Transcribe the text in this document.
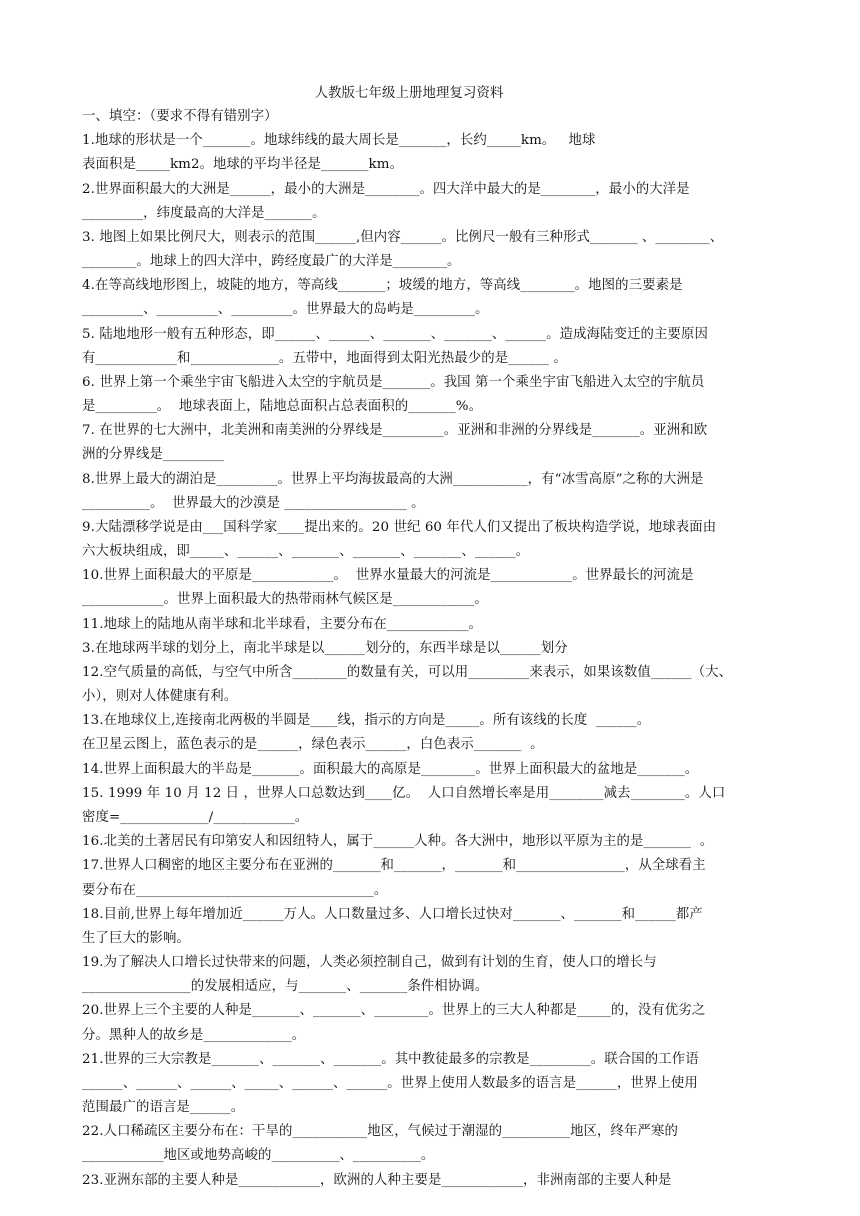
人教版七年级上册地理复习资料
一、填空：（要求不得有错别字）
1.地球的形状是一个_______。地球纬线的最大周长是_______，长约_____km。   地球
表面积是_____km2。地球的平均半径是_______km。
2.世界面积最大的大洲是______，最小的大洲是________。四大洋中最大的是________，最小的大洋是
_________，纬度最高的大洋是_______。
3. 地图上如果比例尺大，则表示的范围______,但内容______。比例尺一般有三种形式_______ 、________、
________。地球上的四大洋中，跨经度最广的大洋是________。
4.在等高线地形图上，坡陡的地方，等高线_______；坡缓的地方，等高线________。地图的三要素是
_________、_________、_________。世界最大的岛屿是_________。
5. 陆地地形一般有五种形态，即______、______、_______、_______、______。造成海陆变迁的主要原因
有____________和_____________。五带中，地面得到太阳光热最少的是______ 。
6. 世界上第一个乘坐宇宙飞船进入太空的宇航员是_______。我国 第一个乘坐宇宙飞船进入太空的宇航员
是_________。  地球表面上，陆地总面积占总表面积的_______%。
7. 在世界的七大洲中，北美洲和南美洲的分界线是_________。亚洲和非洲的分界线是_______。亚洲和欧
洲的分界线是_________
8.世界上最大的湖泊是_________。世界上平均海拔最高的大洲___________，有“冰雪高原”之称的大洲是
__________。  世界最大的沙漠是 __________________ 。
9.大陆漂移学说是由___国科学家____提出来的。20 世纪 60 年代人们又提出了板块构造学说，地球表面由
六大板块组成，即_____、______、_______、_______、_______、______。
10.世界上面积最大的平原是____________。  世界水量最大的河流是____________。世界最长的河流是
____________。世界上面积最大的热带雨林气候区是____________。
11.地球上的陆地从南半球和北半球看，主要分布在____________。
3.在地球两半球的划分上，南北半球是以______划分的，东西半球是以______划分
12.空气质量的高低，与空气中所含________的数量有关，可以用_________来表示，如果该数值______（大、
小），则对人体健康有利。
13.在地球仪上,连接南北两极的半圆是____线，指示的方向是_____。所有该线的长度  ______。
在卫星云图上，蓝色表示的是______，绿色表示______，白色表示_______  。
14.世界上面积最大的半岛是_______。面积最大的高原是________。世界上面积最大的盆地是_______。
15. 1999 年 10 月 12 日 ，世界人口总数达到____亿。  人口自然增长率是用________减去________。人口
密度=_____________/____________。
16.北美的土著居民有印第安人和因纽特人，属于______人种。各大洲中，地形以平原为主的是_______  。
17.世界人口稠密的地区主要分布在亚洲的_______和_______，_______和________________，从全球看主
要分布在___________________________________。
18.目前,世界上每年增加近______万人。人口数量过多、人口增长过快对_______、_______和______都产
生了巨大的影响。
19.为了解决人口增长过快带来的问题，人类必须控制自己，做到有计划的生育，使人口的增长与
________________的发展相适应，与_______、_______条件相协调。
20.世界上三个主要的人种是_______、_______、________。世界上的三大人种都是_____的，没有优劣之
分。黑种人的故乡是_____________。
21.世界的三大宗教是_______、_______、_______。其中教徒最多的宗教是_________。联合国的工作语
______、______、______、_____、______、______。世界上使用人数最多的语言是______，世界上使用
范围最广的语言是______。
22.人口稀疏区主要分布在：干旱的___________地区，气候过于潮湿的__________地区，终年严寒的
____________地区或地势高峻的__________、__________。
23.亚洲东部的主要人种是____________，欧洲的人种主要是____________，非洲南部的主要人种是
